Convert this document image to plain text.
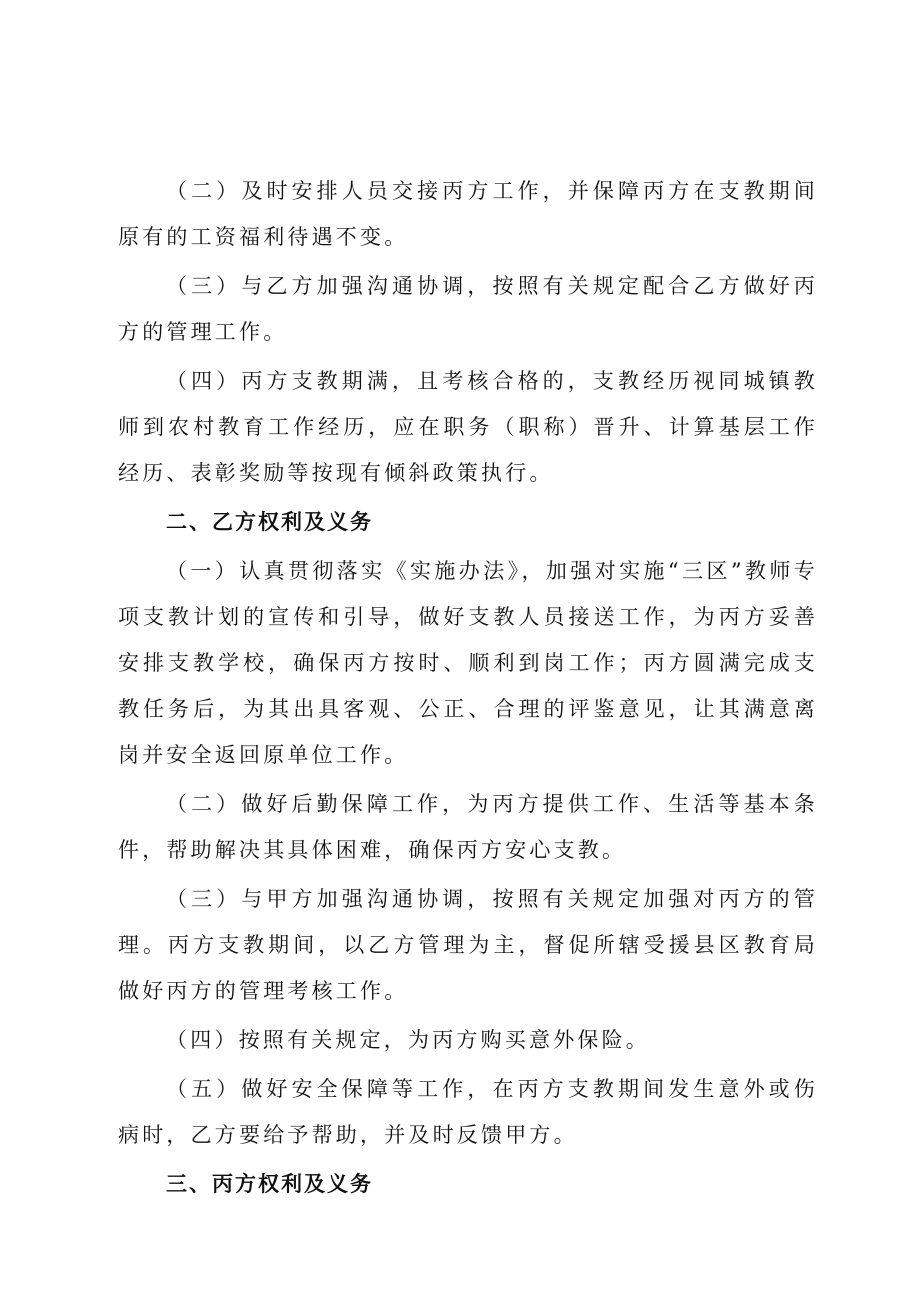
（二）及时安排人员交接丙方工作，并保障丙方在支教期间原有的工资福利待遇不变。

（三）与乙方加强沟通协调，按照有关规定配合乙方做好丙方的管理工作。

（四）丙方支教期满，且考核合格的，支教经历视同城镇教师到农村教育工作经历，应在职务（职称）晋升、计算基层工作经历、表彰奖励等按现有倾斜政策执行。

二、乙方权利及义务

（一）认真贯彻落实《实施办法》，加强对实施“三区”教师专项支教计划的宣传和引导，做好支教人员接送工作，为丙方妥善安排支教学校，确保丙方按时、顺利到岗工作；丙方圆满完成支教任务后，为其出具客观、公正、合理的评鉴意见，让其满意离岗并安全返回原单位工作。

（二）做好后勤保障工作，为丙方提供工作、生活等基本条件，帮助解决其具体困难，确保丙方安心支教。

（三）与甲方加强沟通协调，按照有关规定加强对丙方的管理。丙方支教期间，以乙方管理为主，督促所辖受援县区教育局做好丙方的管理考核工作。

（四）按照有关规定，为丙方购买意外保险。

（五）做好安全保障等工作，在丙方支教期间发生意外或伤病时，乙方要给予帮助，并及时反馈甲方。

三、丙方权利及义务
